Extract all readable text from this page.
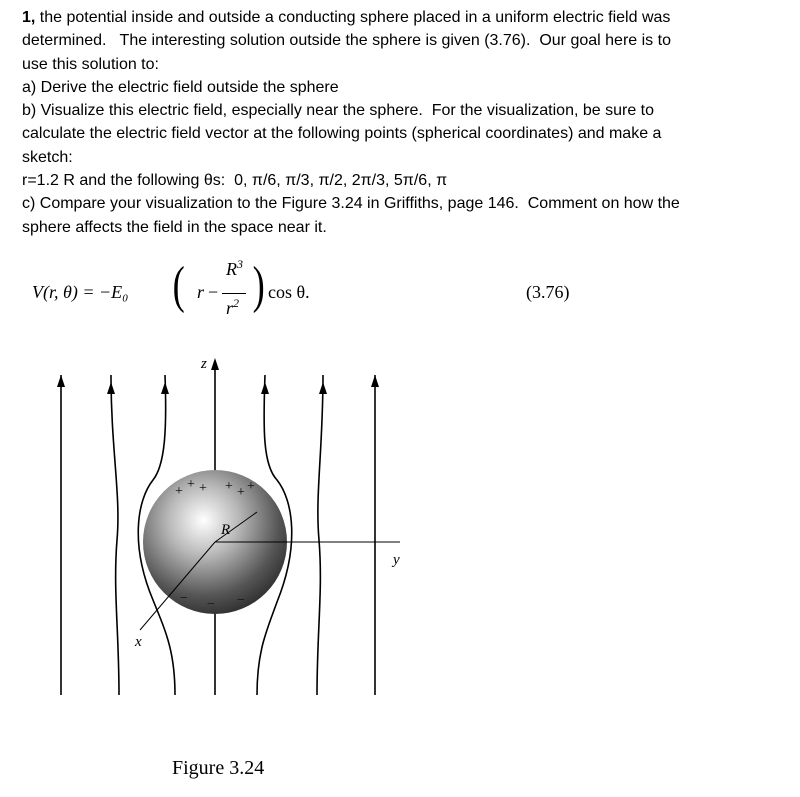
1, the potential inside and outside a conducting sphere placed in a uniform electric field was
determined.   The interesting solution outside the sphere is given (3.76).  Our goal here is to
use this solution to:
a) Derive the electric field outside the sphere
b) Visualize this electric field, especially near the sphere.  For the visualization, be sure to
calculate the electric field vector at the following points (spherical coordinates) and make a
sketch:
r=1.2 R and the following θs:  0, π/6, π/3, π/2, 2π/3, 5π/6, π
c) Compare your visualization to the Figure 3.24 in Griffiths, page 146.  Comment on how the
sphere affects the field in the space near it.
V(r, θ) = −E₀ ( r −
$R^3$
$r^2$ ) cos θ.	(3.76)
+ + + + + +
− − −
z
y
x
R
Figure 3.24
